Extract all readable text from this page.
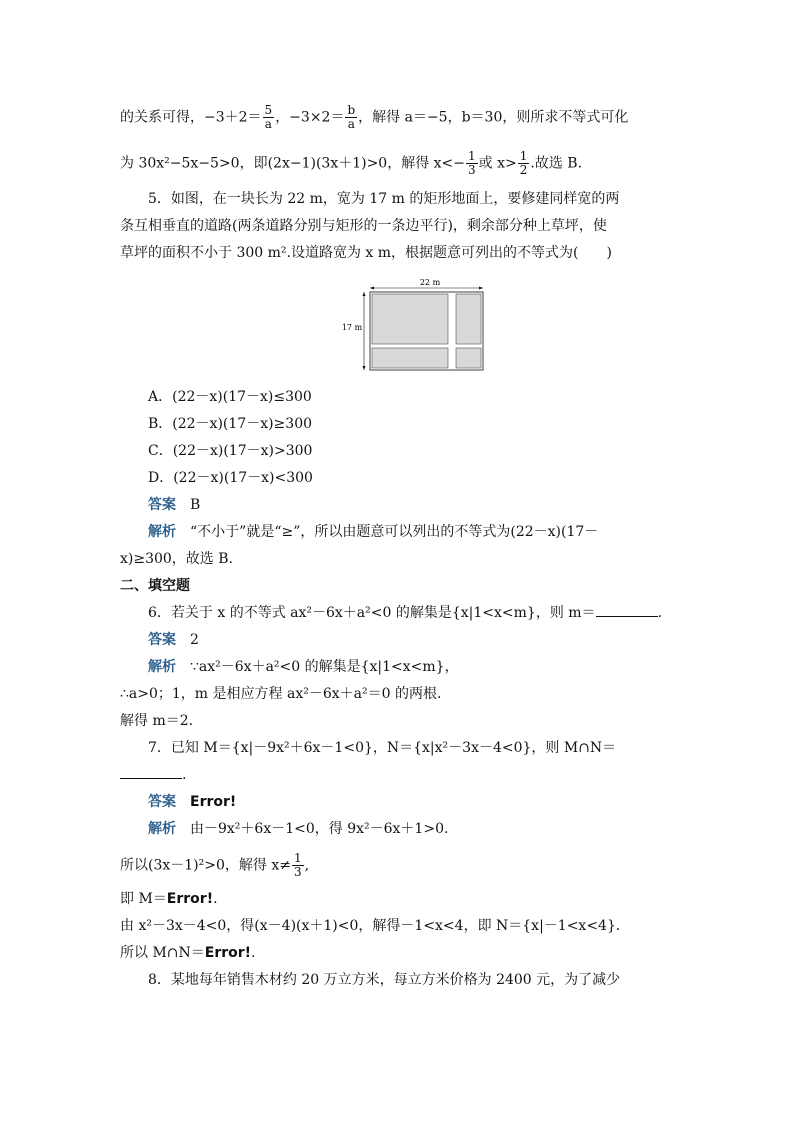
的关系可得，$-3+2= \frac{5}{a}$ ，$-3\times 2= \frac{b}{a}$ ，解得 a＝−5，b＝30，则所求不等式可化
为 30x²−5x−5>0，即(2x−1)(3x＋1)>0，解得 $x<- \frac{1}{3}$ 或 $x> \frac{1}{2}$ .故选 B.
5．如图，在一块长为 22 m，宽为 17 m 的矩形地面上，要修建同样宽的两
条互相垂直的道路(两条道路分别与矩形的一条边平行)，剩余部分种上草坪，使
草坪的面积不小于 300 m².设道路宽为 x m，根据题意可列出的不等式为(　　)
22 m
17 m
A．(22－x)(17－x)≤300
B．(22－x)(17－x)≥300
C．(22－x)(17－x)>300
D．(22－x)(17－x)<300
答案 B
解析 “不小于”就是“≥”，所以由题意可以列出的不等式为(22－x)(17－
x)≥300，故选 B.
二、填空题
6．若关于 x 的不等式 ax²－6x＋a²<0 的解集是{x|1<x<m}，则 m＝	.
答案 2
解析 ∵ax²－6x＋a²<0 的解集是{x|1<x<m}，
∴a>0；1，m 是相应方程 ax²－6x＋a²＝0 的两根．
解得 m＝2.
7．已知 M＝{x|－9x²＋6x－1<0}，N＝{x|x²－3x－4<0}，则 M∩N＝
.
答案 Error!
解析 由－9x²＋6x－1<0，得 9x²－6x＋1>0.
所以(3x－1)²>0，解得 $x\ne \frac{1}{3}$ ,
即 M＝Error!.
由 x²－3x－4<0，得(x－4)(x＋1)<0，解得－1<x<4，即 N＝{x|－1<x<4}．
所以 M∩N＝Error!.
8．某地每年销售木材约 20 万立方米，每立方米价格为 2400 元，为了减少
